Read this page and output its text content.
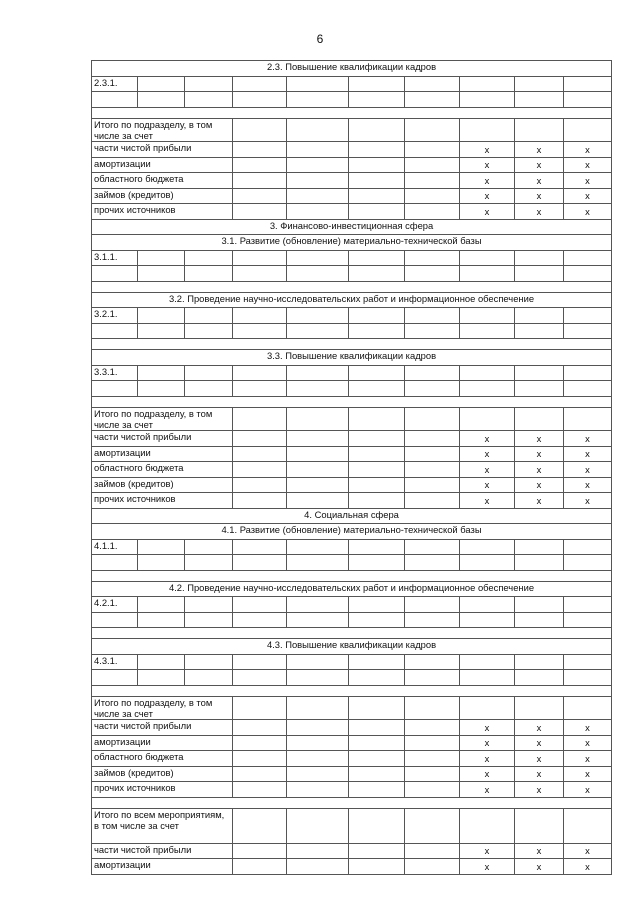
6
2.3. Повышение квалификации кадров									
2.3.1.									

Итого по подразделу, в том числе за счет									
части чистой прибыли							х	х	х
амортизации							х	х	х
областного бюджета							х	х	х
займов (кредитов)							х	х	х
прочих источников							х	х	х
3. Финансово-инвестиционная сфера									
3.1. Развитие (обновление) материально-технической базы									
3.1.1.									

3.2. Проведение научно-исследовательских работ и информационное обеспечение									
3.2.1.									

3.3. Повышение квалификации кадров									
3.3.1.									

Итого по подразделу, в том числе за счет									
части чистой прибыли							х	х	х
амортизации							х	х	х
областного бюджета							х	х	х
займов (кредитов)							х	х	х
прочих источников							х	х	х
4. Социальная сфера									
4.1. Развитие (обновление) материально-технической базы									
4.1.1.									

4.2. Проведение научно-исследовательских работ и информационное обеспечение									
4.2.1.									

4.3. Повышение квалификации кадров									
4.3.1.									

Итого по подразделу, в том числе за счет									
части чистой прибыли							х	х	х
амортизации							х	х	х
областного бюджета							х	х	х
займов (кредитов)							х	х	х
прочих источников							х	х	х

Итого по всем мероприятиям, в том числе за счет									
части чистой прибыли							х	х	х
амортизации							х	х	х
